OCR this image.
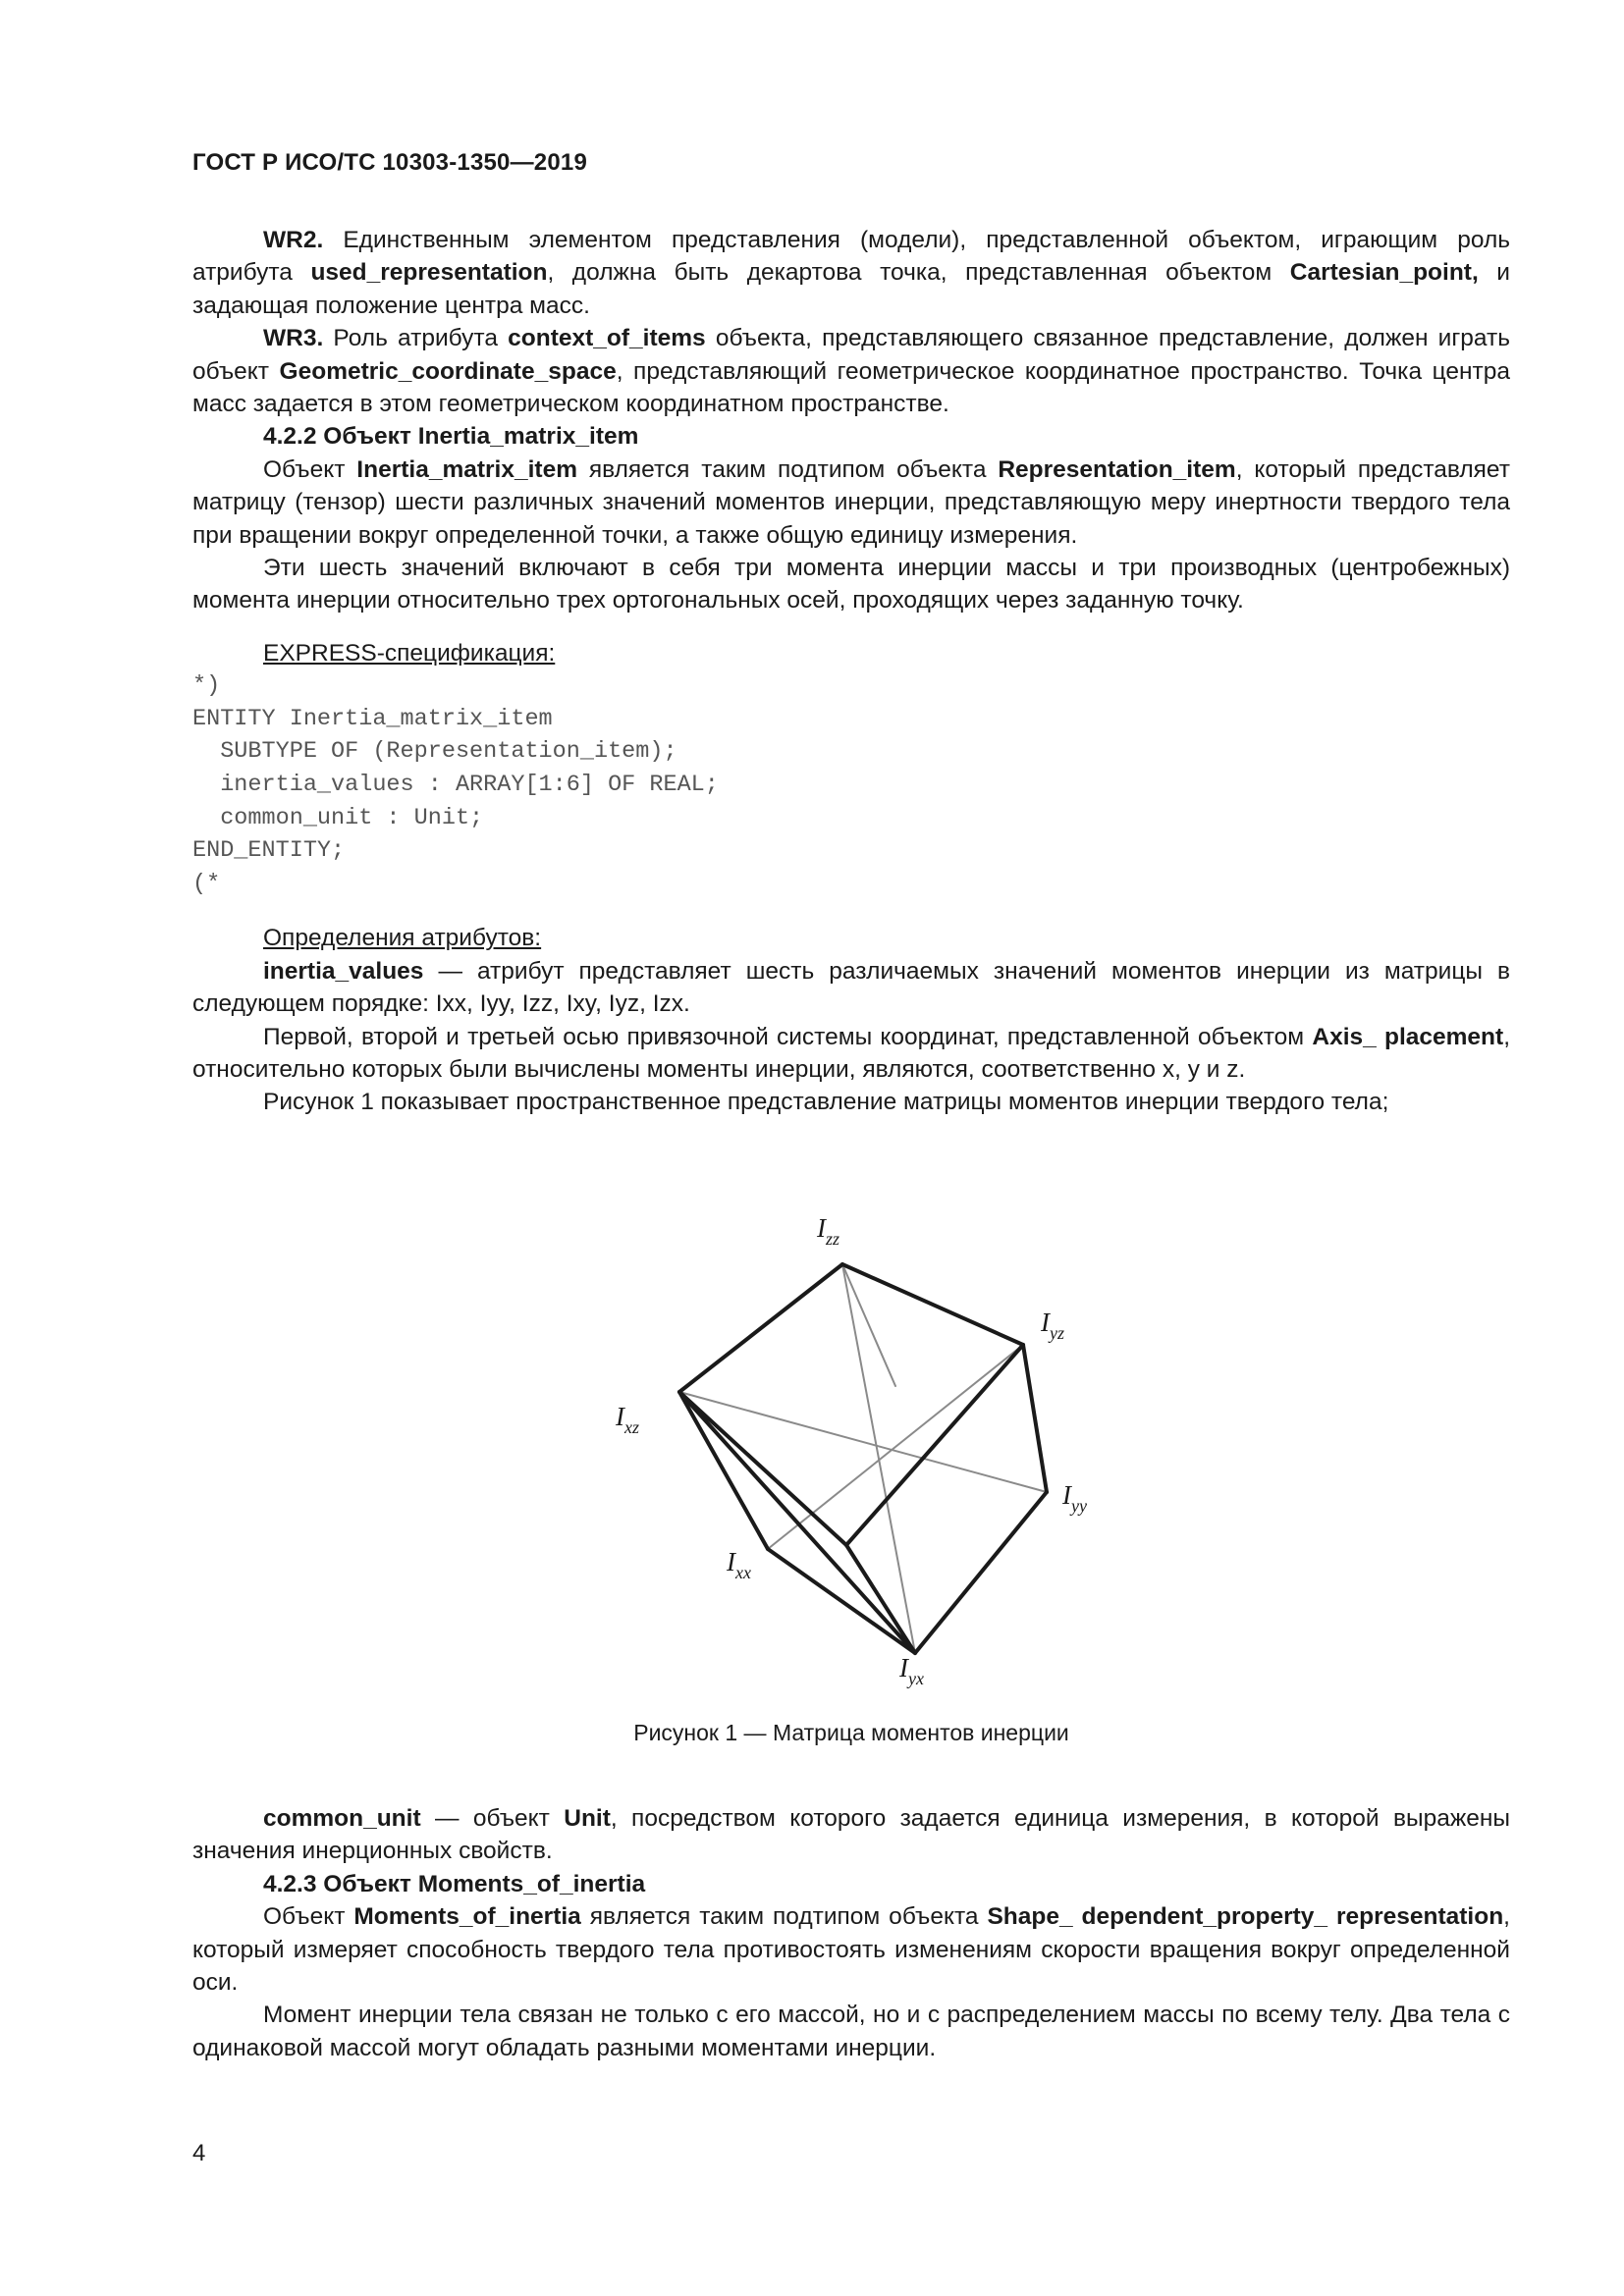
ГОСТ Р ИСО/ТС 10303-1350—2019

WR2. Единственным элементом представления (модели), представленной объектом, играющим роль атрибута used_representation, должна быть декартова точка, представленная объектом Cartesian_point, и задающая положение центра масс.

WR3. Роль атрибута context_of_items объекта, представляющего связанное представление, должен играть объект Geometric_coordinate_space, представляющий геометрическое координатное пространство. Точка центра масс задается в этом геометрическом координатном пространстве.

4.2.2 Объект Inertia_matrix_item

Объект Inertia_matrix_item является таким подтипом объекта Representation_item, который представляет матрицу (тензор) шести различных значений моментов инерции, представляющую меру инертности твердого тела при вращении вокруг определенной точки, а также общую единицу измерения.

Эти шесть значений включают в себя три момента инерции массы и три производных (центробежных) момента инерции относительно трех ортогональных осей, проходящих через заданную точку.

EXPRESS-спецификация:

*)
ENTITY Inertia_matrix_item
SUBTYPE OF (Representation_item);
inertia_values : ARRAY[1:6] OF REAL;
common_unit : Unit;
END_ENTITY;
(*

Определения атрибутов:

inertia_values — атрибут представляет шесть различаемых значений моментов инерции из матрицы в следующем порядке: Ixx, Iyy, Izz, Ixy, Iyz, Izx.

Первой, второй и третьей осью привязочной системы координат, представленной объектом Axis_ placement, относительно которых были вычислены моменты инерции, являются, соответственно x, y и z.

Рисунок 1 показывает пространственное представление матрицы моментов инерции твердого тела;

$I_{zz}$
$I_{yz}$
$I_{xz}$
$I_{yy}$
$I_{xx}$
$I_{yx}$
Рисунок 1 — Матрица моментов инерции

common_unit — объект Unit, посредством которого задается единица измерения, в которой выражены значения инерционных свойств.

4.2.3 Объект Moments_of_inertia

Объект Moments_of_inertia является таким подтипом объекта Shape_ dependent_property_ representation, который измеряет способность твердого тела противостоять изменениям скорости вращения вокруг определенной оси.

Момент инерции тела связан не только с его массой, но и с распределением массы по всему телу. Два тела с одинаковой массой могут обладать разными моментами инерции.

4
